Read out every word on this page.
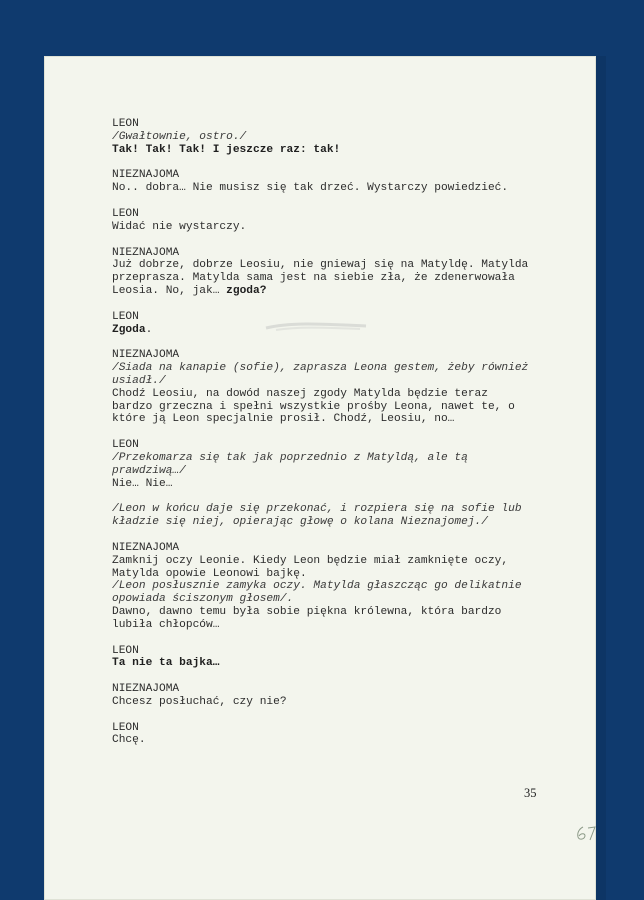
LEON
/Gwałtownie, ostro./
Tak! Tak! Tak! I jeszcze raz: tak!
NIEZNAJOMA
No.. dobra… Nie musisz się tak drzeć. Wystarczy powiedzieć.
LEON
Widać nie wystarczy.
NIEZNAJOMA
Już dobrze, dobrze Leosiu, nie gniewaj się na Matyldę. Matylda
przeprasza. Matylda sama jest na siebie zła, że zdenerwowała
Leosia. No, jak… zgoda?
LEON
Zgoda.
NIEZNAJOMA
/Siada na kanapie (sofie), zaprasza Leona gestem, żeby również
usiadł./
Chodź Leosiu, na dowód naszej zgody Matylda będzie teraz
bardzo grzeczna i spełni wszystkie prośby Leona, nawet te, o
które ją Leon specjalnie prosił. Chodź, Leosiu, no…
LEON
/Przekomarza się tak jak poprzednio z Matyldą, ale tą
prawdziwą…/
Nie… Nie…
/Leon w końcu daje się przekonać, i rozpiera się na sofie lub
kładzie się niej, opierając głowę o kolana Nieznajomej./
NIEZNAJOMA
Zamknij oczy Leonie. Kiedy Leon będzie miał zamknięte oczy,
Matylda opowie Leonowi bajkę.
/Leon posłusznie zamyka oczy. Matylda głaszcząc go delikatnie
opowiada ściszonym głosem/.
Dawno, dawno temu była sobie piękna królewna, która bardzo
lubiła chłopców…
LEON
Ta nie ta bajka…
NIEZNAJOMA
Chcesz posłuchać, czy nie?
LEON
Chcę.
35
